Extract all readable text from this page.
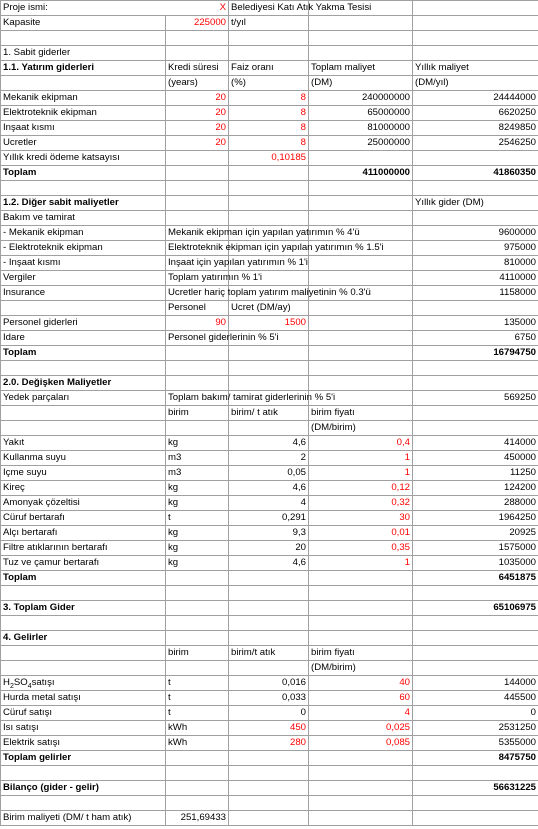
Proje ismi:	X	Belediyesi Katı Atık Yakma Tesisi		
Kapasite	225000	t/yıl		

1. Sabit giderler				
1.1. Yatırım giderleri	Kredi süresi	Faiz oranı	Toplam maliyet	Yıllık maliyet
	(years)	(%)	(DM)	(DM/yıl)
Mekanik ekipman	20	8	240000000	24444000
Elektroteknik ekipman	20	8	65000000	6620250
Inşaat kısmı	20	8	81000000	8249850
Ucretler	20	8	25000000	2546250
Yıllık kredi ödeme katsayısı		0,10185		
Toplam			411000000	41860350

1.2. Diğer sabit maliyetler				Yıllık gider (DM)
Bakım ve tamirat				
- Mekanik ekipman	Mekanik ekipman için yapılan yatırımın % 4'ü			9600000
- Elektroteknik ekipman	Elektroteknik ekipman için yapılan yatırımın % 1.5'i			975000
- Inşaat kısmı	Inşaat için yapılan yatırımın % 1'i			810000
Vergiler	Toplam yatırımın % 1'i			4110000
Insurance	Ucretler hariç toplam yatırım maliyetinin % 0.3'ü			1158000
	Personel	Ucret (DM/ay)		
Personel giderleri	90	1500		135000
Idare	Personel giderlerinin % 5'i			6750
Toplam				16794750

2.0. Değişken Maliyetler				
Yedek parçaları	Toplam bakım/ tamirat giderlerinin % 5'i			569250
	birim	birim/ t atık	birim fiyatı	
			(DM/birim)	
Yakıt	kg	4,6	0,4	414000
Kullanma suyu	m3	2	1	450000
Içme suyu	m3	0,05	1	11250
Kireç	kg	4,6	0,12	124200
Amonyak çözeltisi	kg	4	0,32	288000
Cüruf bertarafı	t	0,291	30	1964250
Alçı bertarafı	kg	9,3	0,01	20925
Filtre atıklarının bertarafı	kg	20	0,35	1575000
Tuz ve çamur bertarafı	kg	4,6	1	1035000
Toplam				6451875

3. Toplam Gider				65106975

4. Gelirler				
	birim	birim/t atık	birim fiyatı	
			(DM/birim)	
$H_2SO_4satışı$	t	0,016	40	144000
Hurda metal satışı	t	0,033	60	445500
Cüruf satışı	t	0	4	0
Isı satışı	kWh	450	0,025	2531250
Elektrik satışı	kWh	280	0,085	5355000
Toplam gelirler				8475750

Bilanço (gider - gelir)				56631225

Birim maliyeti (DM/ t ham atık)	251,69433			
